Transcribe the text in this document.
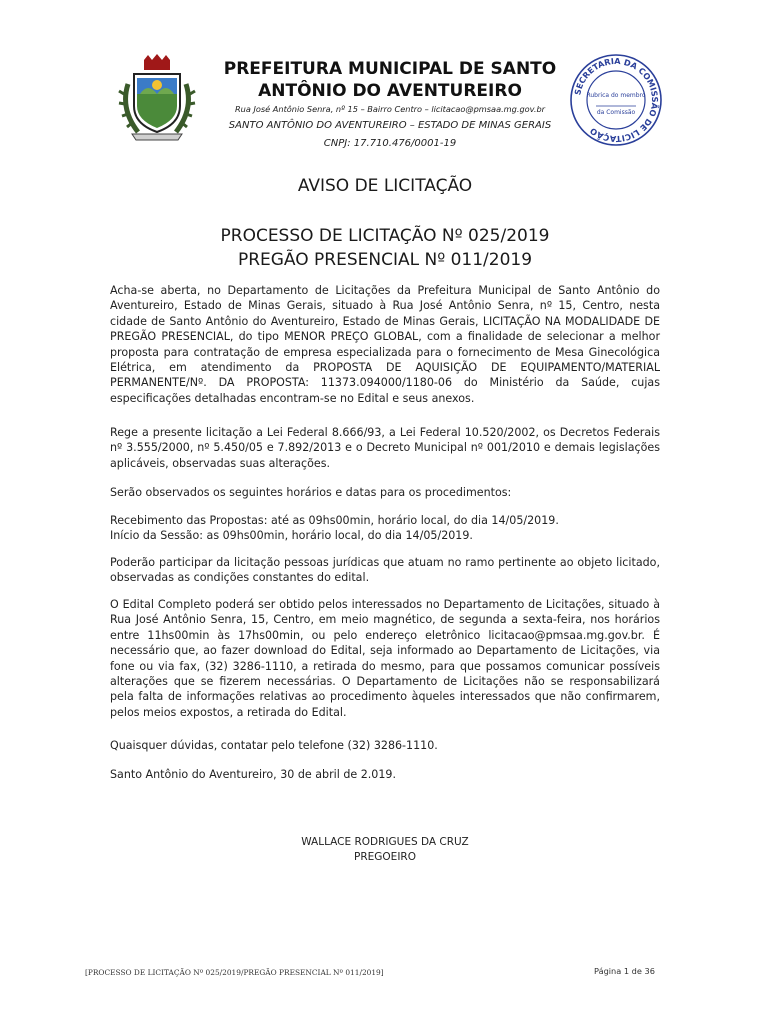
PREFEITURA MUNICIPAL DE SANTO
ANTÔNIO DO AVENTUREIRO
Rua José Antônio Senra, nº 15 – Bairro Centro – licitacao@pmsaa.mg.gov.br
SANTO ANTÔNIO DO AVENTUREIRO – ESTADO DE MINAS GERAIS
CNPJ: 17.710.476/0001-19
SECRETARIA DA COMISSÃO DE LICITAÇÃO
Rubrica do membro
da Comissão
AVISO DE LICITAÇÃO
PROCESSO DE LICITAÇÃO Nº 025/2019
PREGÃO PRESENCIAL Nº 011/2019

Acha-se aberta, no Departamento de Licitações da Prefeitura Municipal de Santo Antônio do Aventureiro, Estado de Minas Gerais, situado à Rua José Antônio Senra, nº 15, Centro, nesta cidade de Santo Antônio do Aventureiro, Estado de Minas Gerais, LICITAÇÃO NA MODALIDADE DE PREGÃO PRESENCIAL, do tipo MENOR PREÇO GLOBAL, com a finalidade de selecionar a melhor proposta para contratação de empresa especializada para o fornecimento de Mesa Ginecológica Elétrica, em atendimento da PROPOSTA DE AQUISIÇÃO DE EQUIPAMENTO/MATERIAL PERMANENTE/Nº. DA PROPOSTA: 11373.094000/1180-06 do Ministério da Saúde, cujas especificações detalhadas encontram-se no Edital e seus anexos.

Rege a presente licitação a Lei Federal 8.666/93, a Lei Federal 10.520/2002, os Decretos Federais nº 3.555/2000, nº 5.450/05 e 7.892/2013 e o Decreto Municipal nº 001/2010 e demais legislações aplicáveis, observadas suas alterações.

Serão observados os seguintes horários e datas para os procedimentos:

Recebimento das Propostas: até as 09hs00min, horário local, do dia 14/05/2019.
Início da Sessão: as 09hs00min, horário local, do dia 14/05/2019.

Poderão participar da licitação pessoas jurídicas que atuam no ramo pertinente ao objeto licitado, observadas as condições constantes do edital.

O Edital Completo poderá ser obtido pelos interessados no Departamento de Licitações, situado à Rua José Antônio Senra, 15, Centro, em meio magnético, de segunda a sexta-feira, nos horários entre 11hs00min às 17hs00min, ou pelo endereço eletrônico licitacao@pmsaa.mg.gov.br. É necessário que, ao fazer download do Edital, seja informado ao Departamento de Licitações, via fone ou via fax, (32) 3286-1110, a retirada do mesmo, para que possamos comunicar possíveis alterações que se fizerem necessárias. O Departamento de Licitações não se responsabilizará pela falta de informações relativas ao procedimento àqueles interessados que não confirmarem, pelos meios expostos, a retirada do Edital.

Quaisquer dúvidas, contatar pelo telefone (32) 3286-1110.

Santo Antônio do Aventureiro, 30 de abril de 2.019.

WALLACE RODRIGUES DA CRUZ
PREGOEIRO
[PROCESSO DE LICITAÇÃO Nº 025/2019/PREGÃO PRESENCIAL Nº 011/2019]	Página 1 de 36
